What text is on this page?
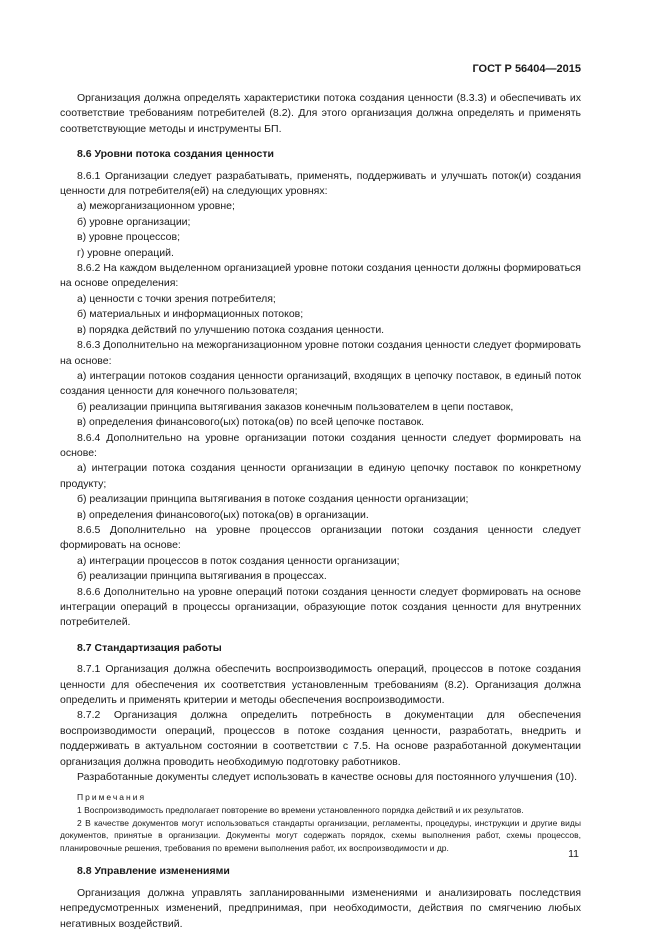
ГОСТ Р 56404—2015

Организация должна определять характеристики потока создания ценности (8.3.3) и обеспечивать их соответствие требованиям потребителей (8.2). Для этого организация должна определять и применять соответствующие методы и инструменты БП.

8.6 Уровни потока создания ценности

8.6.1 Организации следует разрабатывать, применять, поддерживать и улучшать поток(и) создания ценности для потребителя(ей) на следующих уровнях:

а) межорганизационном уровне;
б) уровне организации;
в) уровне процессов;
г) уровне операций.

8.6.2 На каждом выделенном организацией уровне потоки создания ценности должны формироваться на основе определения:

а) ценности с точки зрения потребителя;
б) материальных и информационных потоков;
в) порядка действий по улучшению потока создания ценности.

8.6.3 Дополнительно на межорганизационном уровне потоки создания ценности следует формировать на основе:

а) интеграции потоков создания ценности организаций, входящих в цепочку поставок, в единый поток создания ценности для конечного пользователя;

б) реализации принципа вытягивания заказов конечным пользователем в цепи поставок,
в) определения финансового(ых) потока(ов) по всей цепочке поставок.

8.6.4 Дополнительно на уровне организации потоки создания ценности следует формировать на основе:

а) интеграции потока создания ценности организации в единую цепочку поставок по конкретному продукту;

б) реализации принципа вытягивания в потоке создания ценности организации;
в) определения финансового(ых) потока(ов) в организации.

8.6.5 Дополнительно на уровне процессов организации потоки создания ценности следует формировать на основе:

а) интеграции процессов в поток создания ценности организации;
б) реализации принципа вытягивания в процессах.

8.6.6 Дополнительно на уровне операций потоки создания ценности следует формировать на основе интеграции операций в процессы организации, образующие поток создания ценности для внутренних потребителей.

8.7 Стандартизация работы

8.7.1 Организация должна обеспечить воспроизводимость операций, процессов в потоке создания ценности для обеспечения их соответствия установленным требованиям (8.2). Организация должна определить и применять критерии и методы обеспечения воспроизводимости.

8.7.2 Организация должна определить потребность в документации для обеспечения воспроизводимости операций, процессов в потоке создания ценности, разработать, внедрить и поддерживать в актуальном состоянии в соответствии с 7.5. На основе разработанной документации организация должна проводить необходимую подготовку работников.

Разработанные документы следует использовать в качестве основы для постоянного улучшения (10).

Примечания

1 Воспроизводимость предполагает повторение во времени установленного порядка действий и их результатов.

2 В качестве документов могут использоваться стандарты организации, регламенты, процедуры, инструкции и другие виды документов, принятые в организации. Документы могут содержать порядок, схемы выполнения работ, схемы процессов, планировочные решения, требования по времени выполнения работ, их воспроизводимости и др.

8.8 Управление изменениями

Организация должна управлять запланированными изменениями и анализировать последствия непредусмотренных изменений, предпринимая, при необходимости, действия по смягчению любых негативных воздействий.

11
